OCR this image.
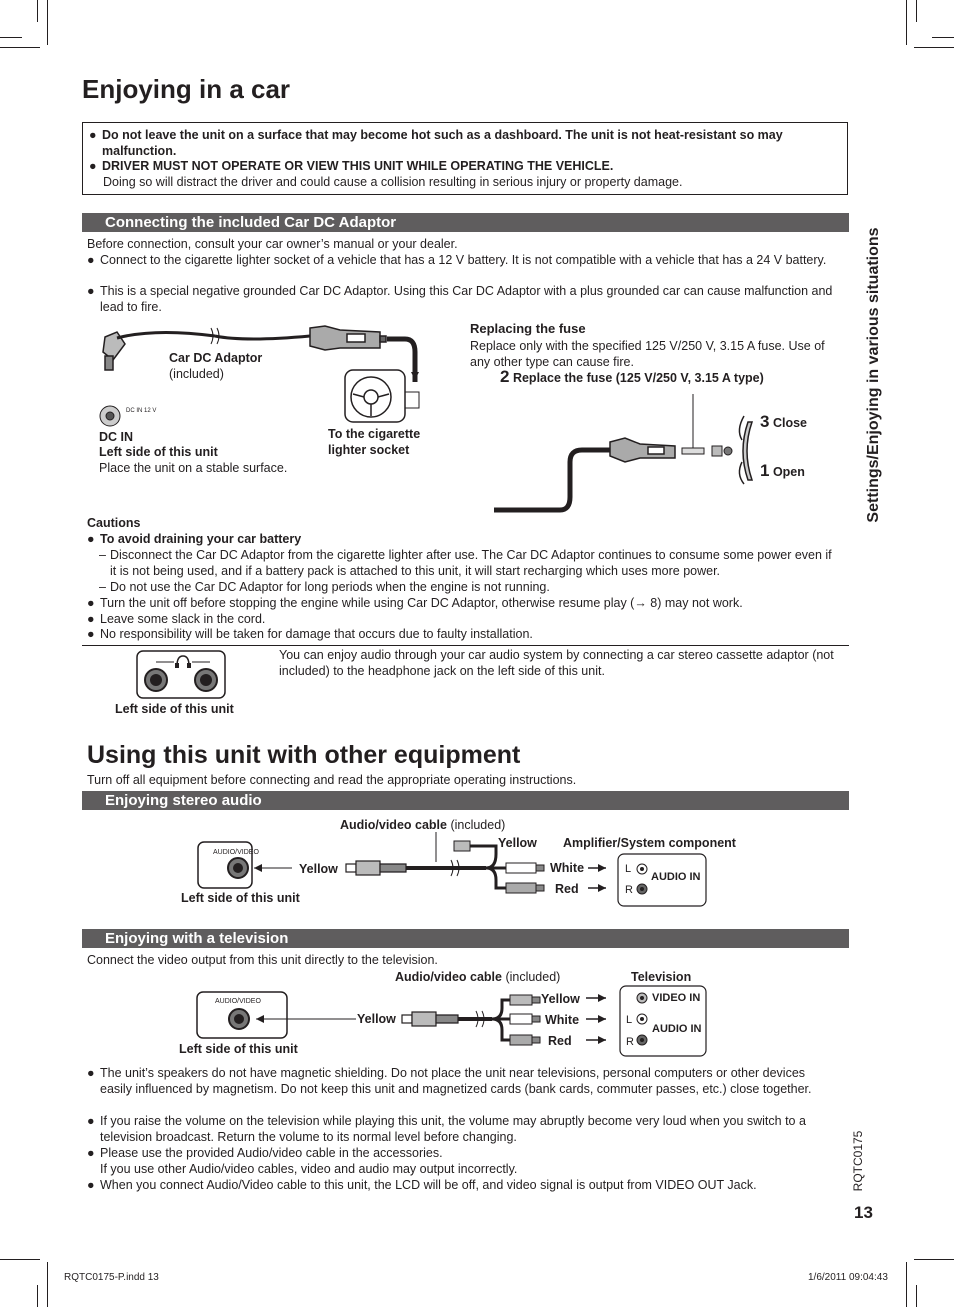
Enjoying in a car
● Do not leave the unit on a surface that may become hot such as a dashboard. The unit is not heat-resistant so may malfunction.
● DRIVER MUST NOT OPERATE OR VIEW THIS UNIT WHILE OPERATING THE VEHICLE.
Doing so will distract the driver and could cause a collision resulting in serious injury or property damage.
Settings/Enjoying in various situations
Connecting the included Car DC Adaptor
Before connection, consult your car owner’s manual or your dealer.
● Connect to the cigarette lighter socket of a vehicle that has a 12 V battery. It is not compatible with a vehicle that has a 24 V battery.
● This is a special negative grounded Car DC Adaptor. Using this Car DC Adaptor with a plus grounded car can cause malfunction and lead to fire.
DC IN 12 V
Car DC Adaptor
(included)
DC IN
Left side of this unit
Place the unit on a stable surface.
To the cigarette
lighter socket
Replacing the fuse
Replace only with the specified 125 V/250 V, 3.15 A fuse. Use of any other type can cause fire.
2 Replace the fuse (125 V/250 V, 3.15 A type)
3 Close
1 Open
Cautions
● To avoid draining your car battery
– Disconnect the Car DC Adaptor from the cigarette lighter after use. The Car DC Adaptor continues to consume some power even if it is not being used, and if a battery pack is attached to this unit, it will start recharging which uses more power.
– Do not use the Car DC Adaptor for long periods when the engine is not running.
● Turn the unit off before stopping the engine while using Car DC Adaptor, otherwise resume play (→ 8) may not work.
● Leave some slack in the cord.
● No responsibility will be taken for damage that occurs due to faulty installation.
Left side of this unit
You can enjoy audio through your car audio system by connecting a car stereo cassette adaptor (not included) to the headphone jack on the left side of this unit.
Using this unit with other equipment
Turn off all equipment before connecting and read the appropriate operating instructions.
Enjoying stereo audio
Audio/video cable (included)
AUDIO/VIDEO
Yellow Amplifier/System component
Yellow	White
Red
L
R
AUDIO IN
Left side of this unit
Enjoying with a television
Connect the video output from this unit directly to the television.
Audio/video cable (included)	Television
AUDIO/VIDEO	Yellow
White
Red
Yellow
VIDEO IN
L
AUDIO IN
R
Left side of this unit
● The unit’s speakers do not have magnetic shielding. Do not place the unit near televisions, personal computers or other devices easily influenced by magnetism. Do not keep this unit and magnetized cards (bank cards, commuter passes, etc.) close together.
● If you raise the volume on the television while playing this unit, the volume may abruptly become very loud when you switch to a television broadcast. Return the volume to its normal level before changing.
● Please use the provided Audio/video cable in the accessories.
If you use other Audio/video cables, video and audio may output incorrectly.
● When you connect Audio/Video cable to this unit, the LCD will be off, and video signal is output from VIDEO OUT Jack.	RQTC0175
13
RQTC0175-P.indd 13	1/6/2011 09:04:43
